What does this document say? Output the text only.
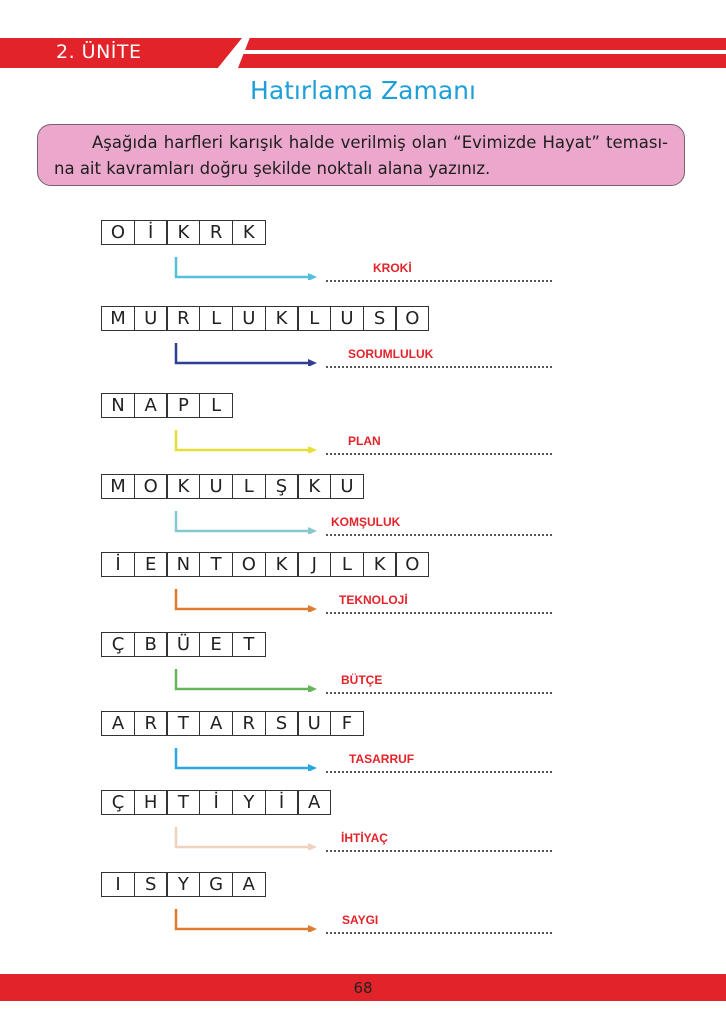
2. ÜNİTE
Hatırlama Zamanı
Aşağıda harfleri karışık halde verilmiş olan “Evimizde Hayat” temasına ait kavramları doğru şekilde noktalı alana yazınız.
O	İ	K	R	K
KROKİ
M	U	R	L	U	K	L	U	S	O
SORUMLULUK
N	A	P	L
PLAN
M O	K	U	L	Ş	K	U
KOMŞULUK
İ	E	N	T	O	K	J	L	K	O
TEKNOLOJİ
Ç	B	Ü	E	T
BÜTÇE
A	R	T	A	R	S	U	F
TASARRUF
Ç	H	T	İ	Y	İ	A
İHTİYAÇ
I	S	Y	G	A
SAYGI
68
